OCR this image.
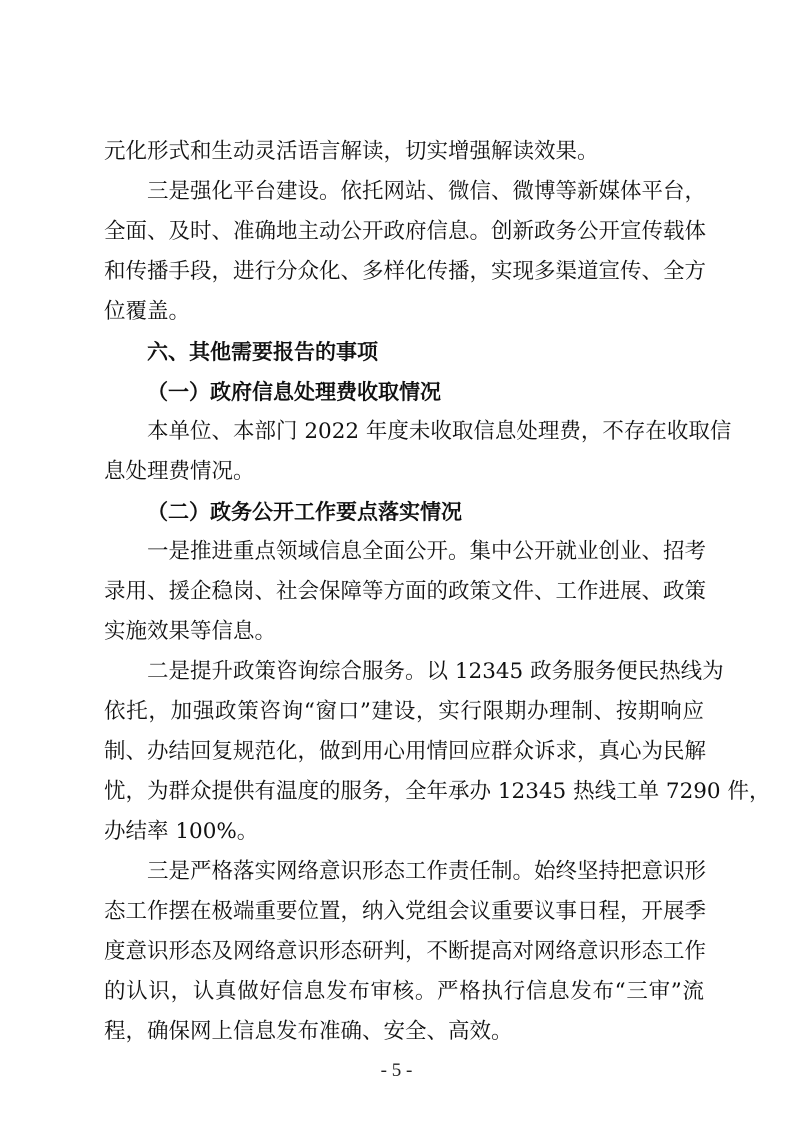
元化形式和生动灵活语言解读，切实增强解读效果。
三是强化平台建设。依托网站、微信、微博等新媒体平台，
全面、及时、准确地主动公开政府信息。创新政务公开宣传载体
和传播手段，进行分众化、多样化传播，实现多渠道宣传、全方
位覆盖。
六、其他需要报告的事项
（一）政府信息处理费收取情况
本单位、本部门 2022 年度未收取信息处理费，不存在收取信
息处理费情况。
（二）政务公开工作要点落实情况
一是推进重点领域信息全面公开。集中公开就业创业、招考
录用、援企稳岗、社会保障等方面的政策文件、工作进展、政策
实施效果等信息。
二是提升政策咨询综合服务。以 12345 政务服务便民热线为
依托，加强政策咨询“窗口”建设，实行限期办理制、按期响应
制、办结回复规范化，做到用心用情回应群众诉求，真心为民解
忧，为群众提供有温度的服务，全年承办 12345 热线工单 7290 件，
办结率 100%。
三是严格落实网络意识形态工作责任制。始终坚持把意识形
态工作摆在极端重要位置，纳入党组会议重要议事日程，开展季
度意识形态及网络意识形态研判，不断提高对网络意识形态工作
的认识，认真做好信息发布审核。严格执行信息发布“三审”流
程，确保网上信息发布准确、安全、高效。
- 5 -
